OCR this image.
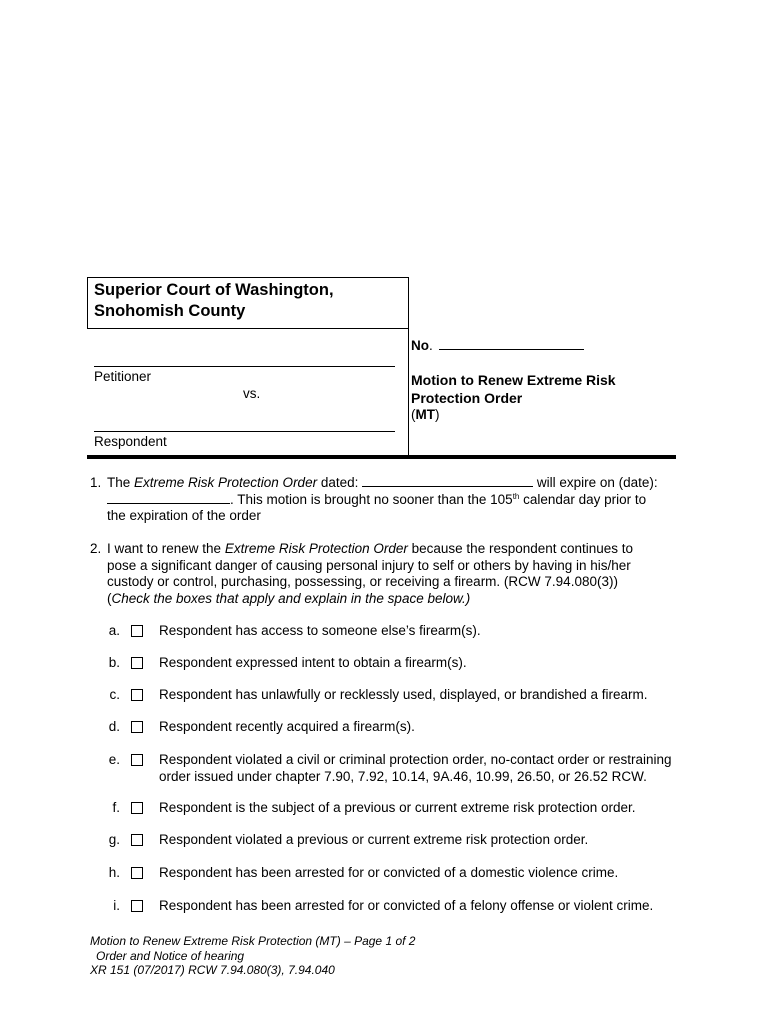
Superior Court of Washington,
Snohomish County
Petitioner
vs.
Respondent
No.
Motion to Renew Extreme Risk
Protection Order
(MT)
1. The Extreme Risk Protection Order dated:	will expire on (date):
. This motion is brought no sooner than the 105th calendar day prior to
the expiration of the order
2. I want to renew the Extreme Risk Protection Order because the respondent continues to
pose a significant danger of causing personal injury to self or others by having in his/her
custody or control, purchasing, possessing, or receiving a firearm. (RCW 7.94.080(3))
(Check the boxes that apply and explain in the space below.)
a.	Respondent has access to someone else’s firearm(s).
b.	Respondent expressed intent to obtain a firearm(s).
c.	Respondent has unlawfully or recklessly used, displayed, or brandished a firearm.
d.	Respondent recently acquired a firearm(s).
e.	Respondent violated a civil or criminal protection order, no-contact order or restraining
order issued under chapter 7.90, 7.92, 10.14, 9A.46, 10.99, 26.50, or 26.52 RCW.
f.	Respondent is the subject of a previous or current extreme risk protection order.
g.	Respondent violated a previous or current extreme risk protection order.
h.	Respondent has been arrested for or convicted of a domestic violence crime.
i.	Respondent has been arrested for or convicted of a felony offense or violent crime.
Motion to Renew Extreme Risk Protection (MT) – Page 1 of 2
Order and Notice of hearing
XR 151 (07/2017) RCW 7.94.080(3), 7.94.040
